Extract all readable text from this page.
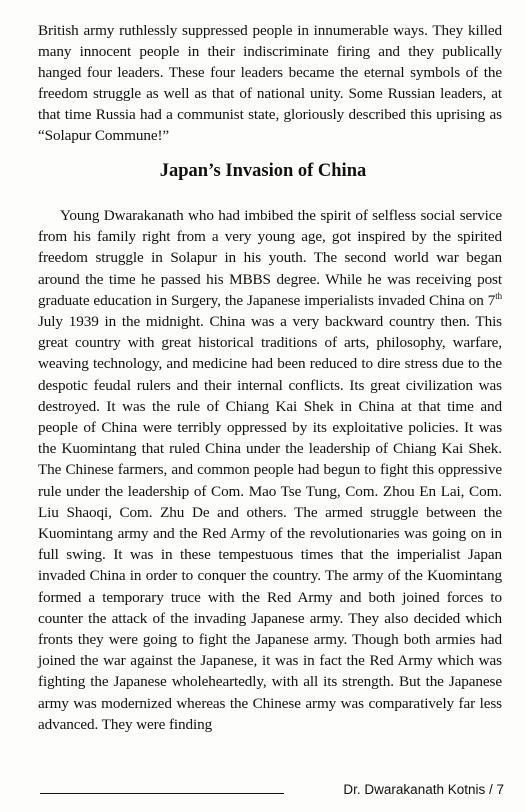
British army ruthlessly suppressed people in innumerable ways. They killed many innocent people in their indiscriminate firing and they publically hanged four leaders. These four leaders became the eternal symbols of the freedom struggle as well as that of national unity. Some Russian leaders, at that time Russia had a communist state, gloriously described this uprising as “Solapur Commune!”

Japan’s Invasion of China

Young Dwarakanath who had imbibed the spirit of selfless social service from his family right from a very young age, got inspired by the spirited freedom struggle in Solapur in his youth. The second world war began around the time he passed his MBBS degree. While he was receiving post graduate education in Surgery, the Japanese imperialists invaded China on 7th July 1939 in the midnight. China was a very backward country then. This great country with great historical traditions of arts, philosophy, warfare, weaving technology, and medicine had been reduced to dire stress due to the despotic feudal rulers and their internal conflicts. Its great civilization was destroyed. It was the rule of Chiang Kai Shek in China at that time and people of China were terribly oppressed by its exploitative policies. It was the Kuomintang that ruled China under the leadership of Chiang Kai Shek. The Chinese farmers, and common people had begun to fight this oppressive rule under the leadership of Com. Mao Tse Tung, Com. Zhou En Lai, Com. Liu Shaoqi, Com. Zhu De and others. The armed struggle between the Kuomintang army and the Red Army of the revolutionaries was going on in full swing. It was in these tempestuous times that the imperialist Japan invaded China in order to conquer the country. The army of the Kuomintang formed a temporary truce with the Red Army and both joined forces to counter the attack of the invading Japanese army. They also decided which fronts they were going to fight the Japanese army. Though both armies had joined the war against the Japanese, it was in fact the Red Army which was fighting the Japanese wholeheartedly, with all its strength. But the Japanese army was modernized whereas the Chinese army was comparatively far less advanced. They were finding

Dr. Dwarakanath Kotnis / 7
